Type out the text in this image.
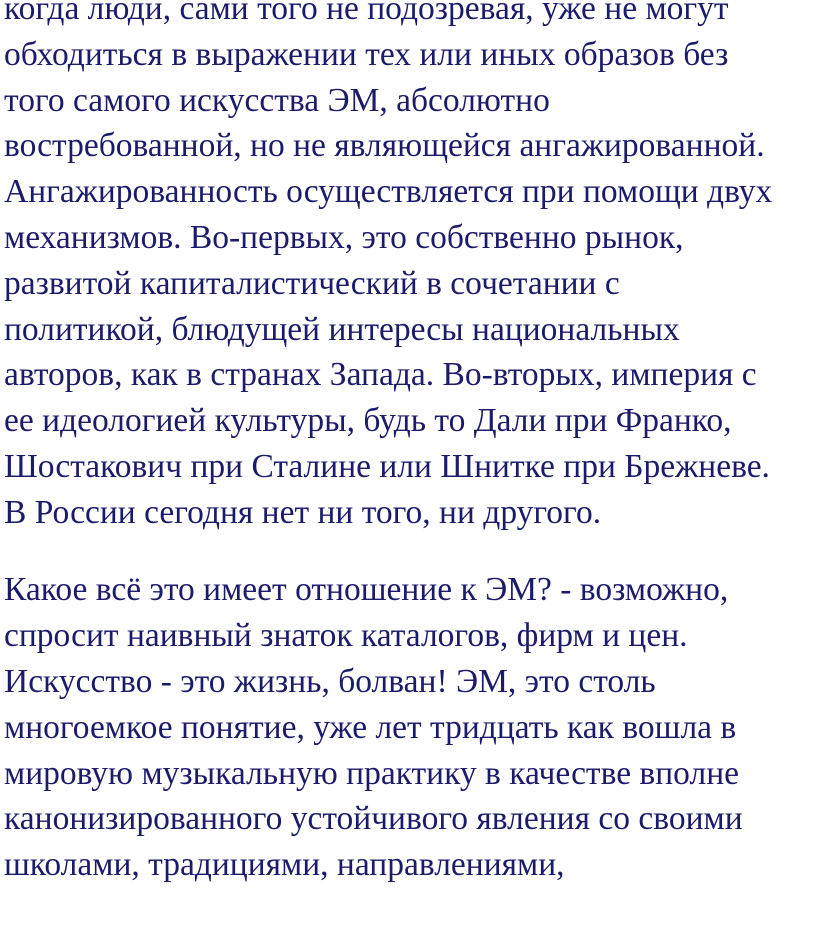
когда люди, сами того не подозревая, уже не могут
обходиться в выражении тех или иных образов без
того самого искусства ЭМ, абсолютно
востребованной, но не являющейся ангажированной.
Ангажированность осуществляется при помощи двух
механизмов. Во-первых, это собственно рынок,
развитой капиталистический в сочетании с
политикой, блюдущей интересы национальных
авторов, как в странах Запада. Во-вторых, империя с
ее идеологией культуры, будь то Дали при Франко,
Шостакович при Сталине или Шнитке при Брежневе.
В России сегодня нет ни того, ни другого.
Какое всё это имеет отношение к ЭМ? - возможно,
спросит наивный знаток каталогов, фирм и цен.
Искусство - это жизнь, болван! ЭМ, это столь
многоемкое понятие, уже лет тридцать как вошла в
мировую музыкальную практику в качестве вполне
канонизированного устойчивого явления со своими
школами, традициями, направлениями,
